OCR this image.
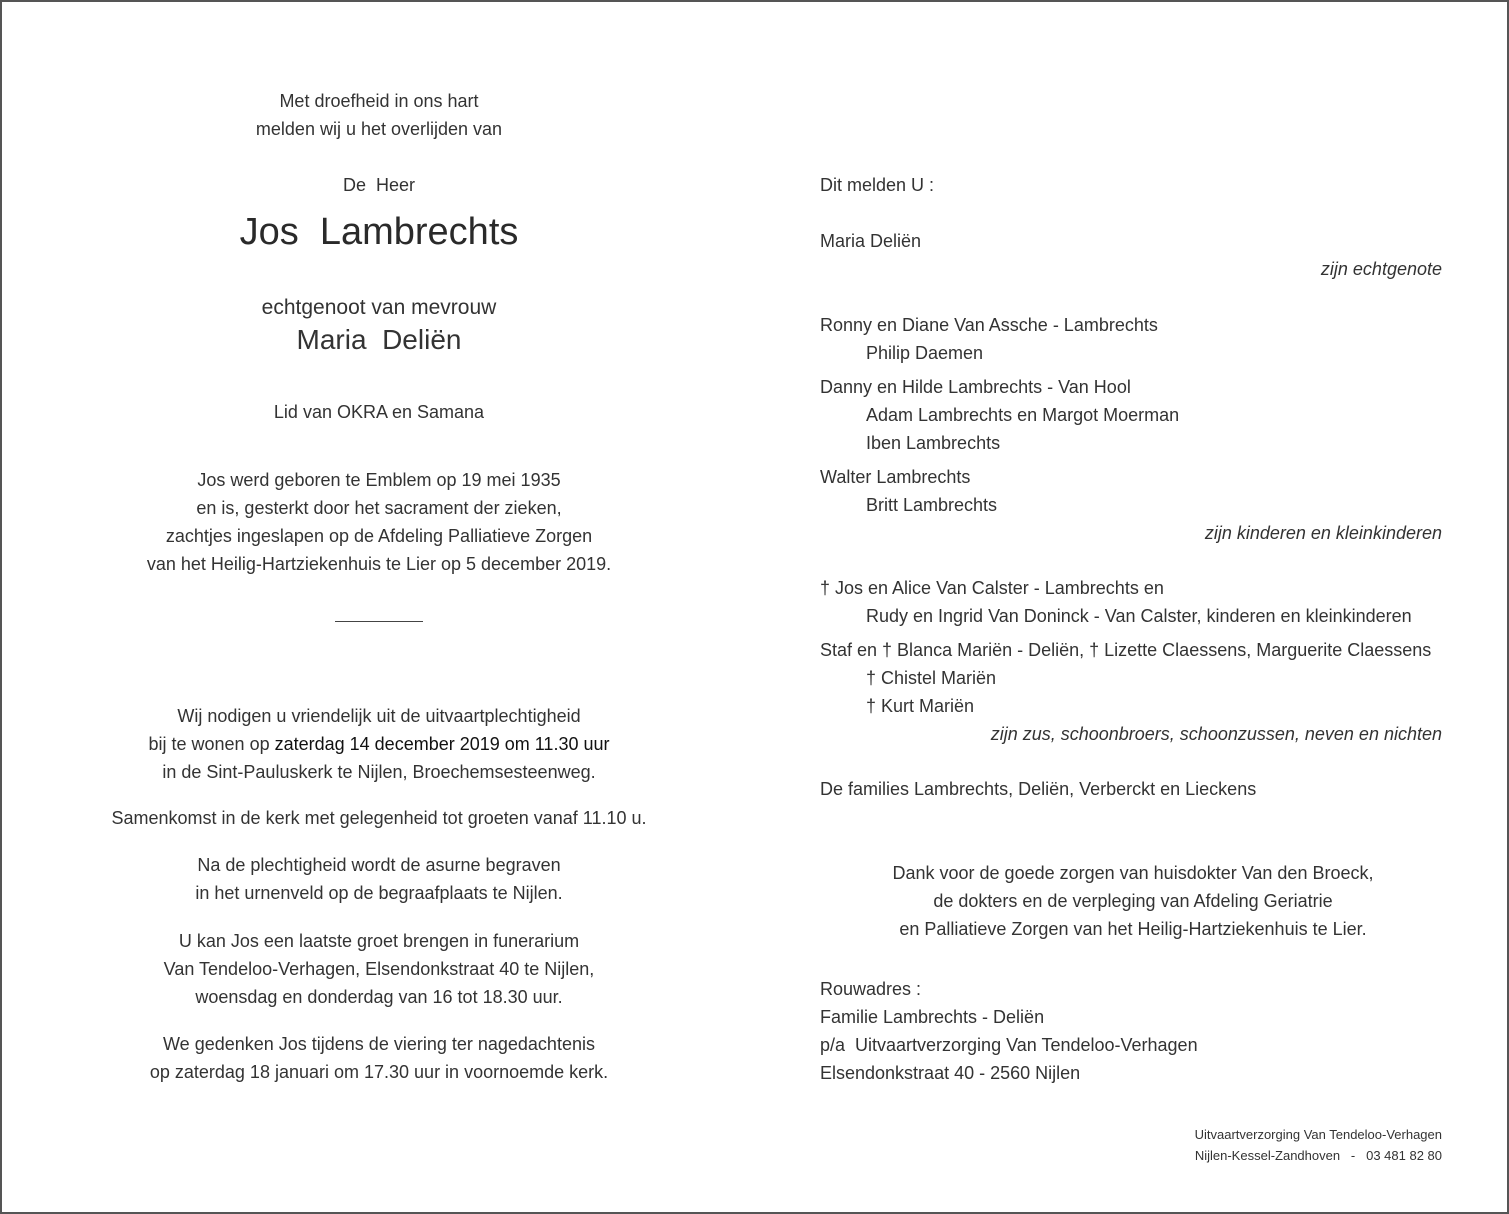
Met droefheid in ons hart
melden wij u het overlijden van
De  Heer
Jos  Lambrechts
echtgenoot van mevrouw
Maria  Deliën
Lid van OKRA en Samana
Jos werd geboren te Emblem op 19 mei 1935
en is, gesterkt door het sacrament der zieken,
zachtjes ingeslapen op de Afdeling Palliatieve Zorgen
van het Heilig-Hartziekenhuis te Lier op 5 december 2019.
Wij nodigen u vriendelijk uit de uitvaartplechtigheid
bij te wonen op zaterdag 14 december 2019 om 11.30 uur
in de Sint-Pauluskerk te Nijlen, Broechemsesteenweg.
Samenkomst in de kerk met gelegenheid tot groeten vanaf 11.10 u.
Na de plechtigheid wordt de asurne begraven
in het urnenveld op de begraafplaats te Nijlen.
U kan Jos een laatste groet brengen in funerarium
Van Tendeloo-Verhagen, Elsendonkstraat 40 te Nijlen,
woensdag en donderdag van 16 tot 18.30 uur.
We gedenken Jos tijdens de viering ter nagedachtenis
op zaterdag 18 januari om 17.30 uur in voornoemde kerk.
Dit melden U :
Maria Deliën
zijn echtgenote
Ronny en Diane Van Assche - Lambrechts
Philip Daemen
Danny en Hilde Lambrechts - Van Hool
Adam Lambrechts en Margot Moerman
Iben Lambrechts
Walter Lambrechts
Britt Lambrechts
zijn kinderen en kleinkinderen
† Jos en Alice Van Calster - Lambrechts en
Rudy en Ingrid Van Doninck - Van Calster, kinderen en kleinkinderen
Staf en † Blanca Mariën - Deliën, † Lizette Claessens, Marguerite Claessens
† Chistel Mariën
† Kurt Mariën
zijn zus, schoonbroers, schoonzussen, neven en nichten
De families Lambrechts, Deliën, Verberckt en Lieckens
Dank voor de goede zorgen van huisdokter Van den Broeck,
de dokters en de verpleging van Afdeling Geriatrie
en Palliatieve Zorgen van het Heilig-Hartziekenhuis te Lier.
Rouwadres :
Familie Lambrechts - Deliën
p/a  Uitvaartverzorging Van Tendeloo-Verhagen
Elsendonkstraat 40 - 2560 Nijlen
Uitvaartverzorging Van Tendeloo-Verhagen
Nijlen-Kessel-Zandhoven   -   03 481 82 80
